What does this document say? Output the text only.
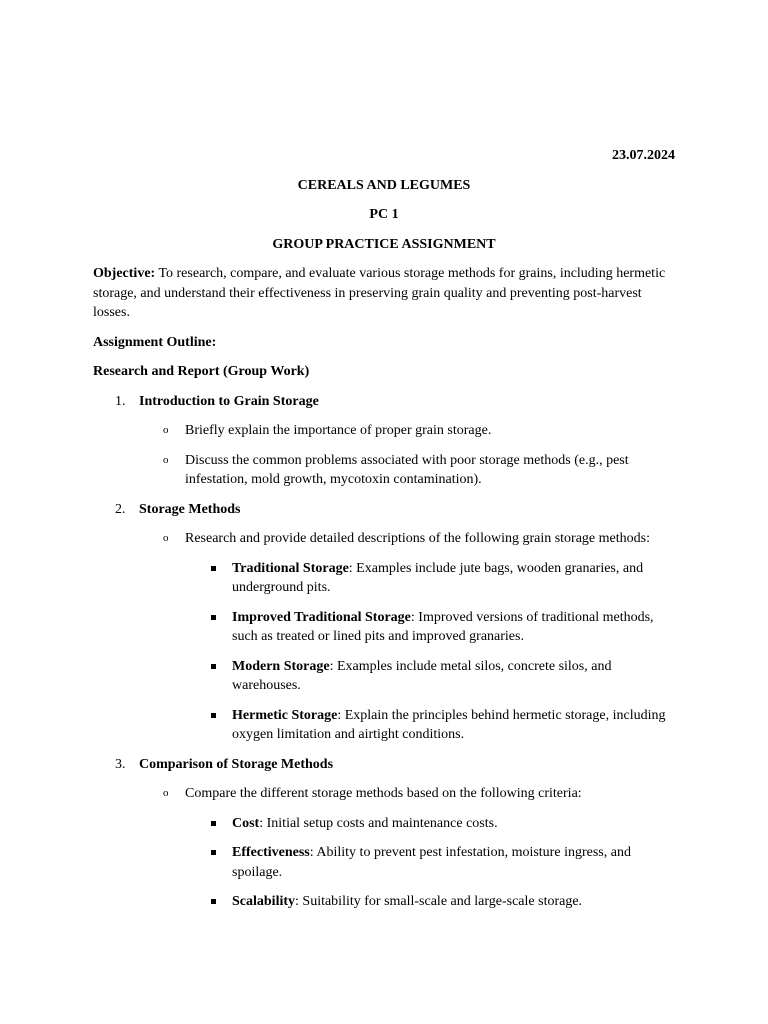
23.07.2024
CEREALS AND LEGUMES
PC 1
GROUP PRACTICE ASSIGNMENT

Objective: To research, compare, and evaluate various storage methods for grains, including hermetic storage, and understand their effectiveness in preserving grain quality and preventing post-harvest losses.

Assignment Outline:

Research and Report (Group Work)

1. Introduction to Grain Storage
o Briefly explain the importance of proper grain storage.
o Discuss the common problems associated with poor storage methods (e.g., pest infestation, mold growth, mycotoxin contamination).
2. Storage Methods
o Research and provide detailed descriptions of the following grain storage methods:
Traditional Storage: Examples include jute bags, wooden granaries, and underground pits.
Improved Traditional Storage: Improved versions of traditional methods, such as treated or lined pits and improved granaries.
Modern Storage: Examples include metal silos, concrete silos, and warehouses.
Hermetic Storage: Explain the principles behind hermetic storage, including oxygen limitation and airtight conditions.
3. Comparison of Storage Methods
o Compare the different storage methods based on the following criteria:
Cost: Initial setup costs and maintenance costs.
Effectiveness: Ability to prevent pest infestation, moisture ingress, and spoilage.
Scalability: Suitability for small-scale and large-scale storage.
